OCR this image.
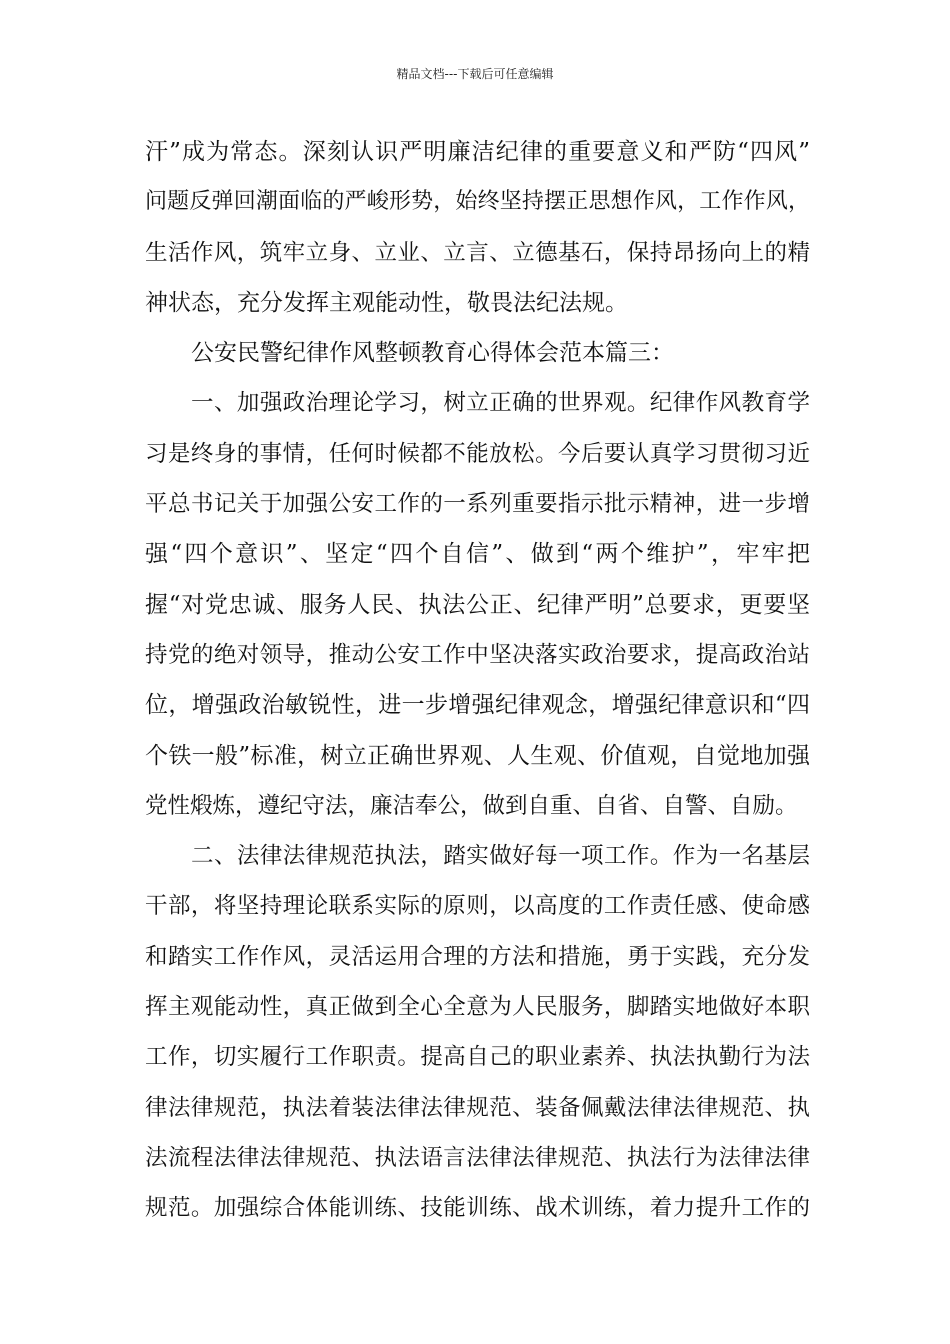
精品文档---下载后可任意编辑
汗”成为常态。深刻认识严明廉洁纪律的重要意义和严防“四风”
问题反弹回潮面临的严峻形势，始终坚持摆正思想作风，工作作风，
生活作风，筑牢立身、立业、立言、立德基石，保持昂扬向上的精
神状态，充分发挥主观能动性，敬畏法纪法规。
公安民警纪律作风整顿教育心得体会范本篇三：
一、加强政治理论学习，树立正确的世界观。纪律作风教育学
习是终身的事情，任何时候都不能放松。今后要认真学习贯彻习近
平总书记关于加强公安工作的一系列重要指示批示精神，进一步增
强“四个意识”、坚定“四个自信”、做到“两个维护”，牢牢把
握“对党忠诚、服务人民、执法公正、纪律严明”总要求，更要坚
持党的绝对领导，推动公安工作中坚决落实政治要求，提高政治站
位，增强政治敏锐性，进一步增强纪律观念，增强纪律意识和“四
个铁一般”标准，树立正确世界观、人生观、价值观，自觉地加强
党性煅炼，遵纪守法，廉洁奉公，做到自重、自省、自警、自励。
二、法律法律规范执法，踏实做好每一项工作。作为一名基层
干部，将坚持理论联系实际的原则，以高度的工作责任感、使命感
和踏实工作作风，灵活运用合理的方法和措施，勇于实践，充分发
挥主观能动性，真正做到全心全意为人民服务，脚踏实地做好本职
工作，切实履行工作职责。提高自己的职业素养、执法执勤行为法
律法律规范，执法着装法律法律规范、装备佩戴法律法律规范、执
法流程法律法律规范、执法语言法律法律规范、执法行为法律法律
规范。加强综合体能训练、技能训练、战术训练，着力提升工作的
